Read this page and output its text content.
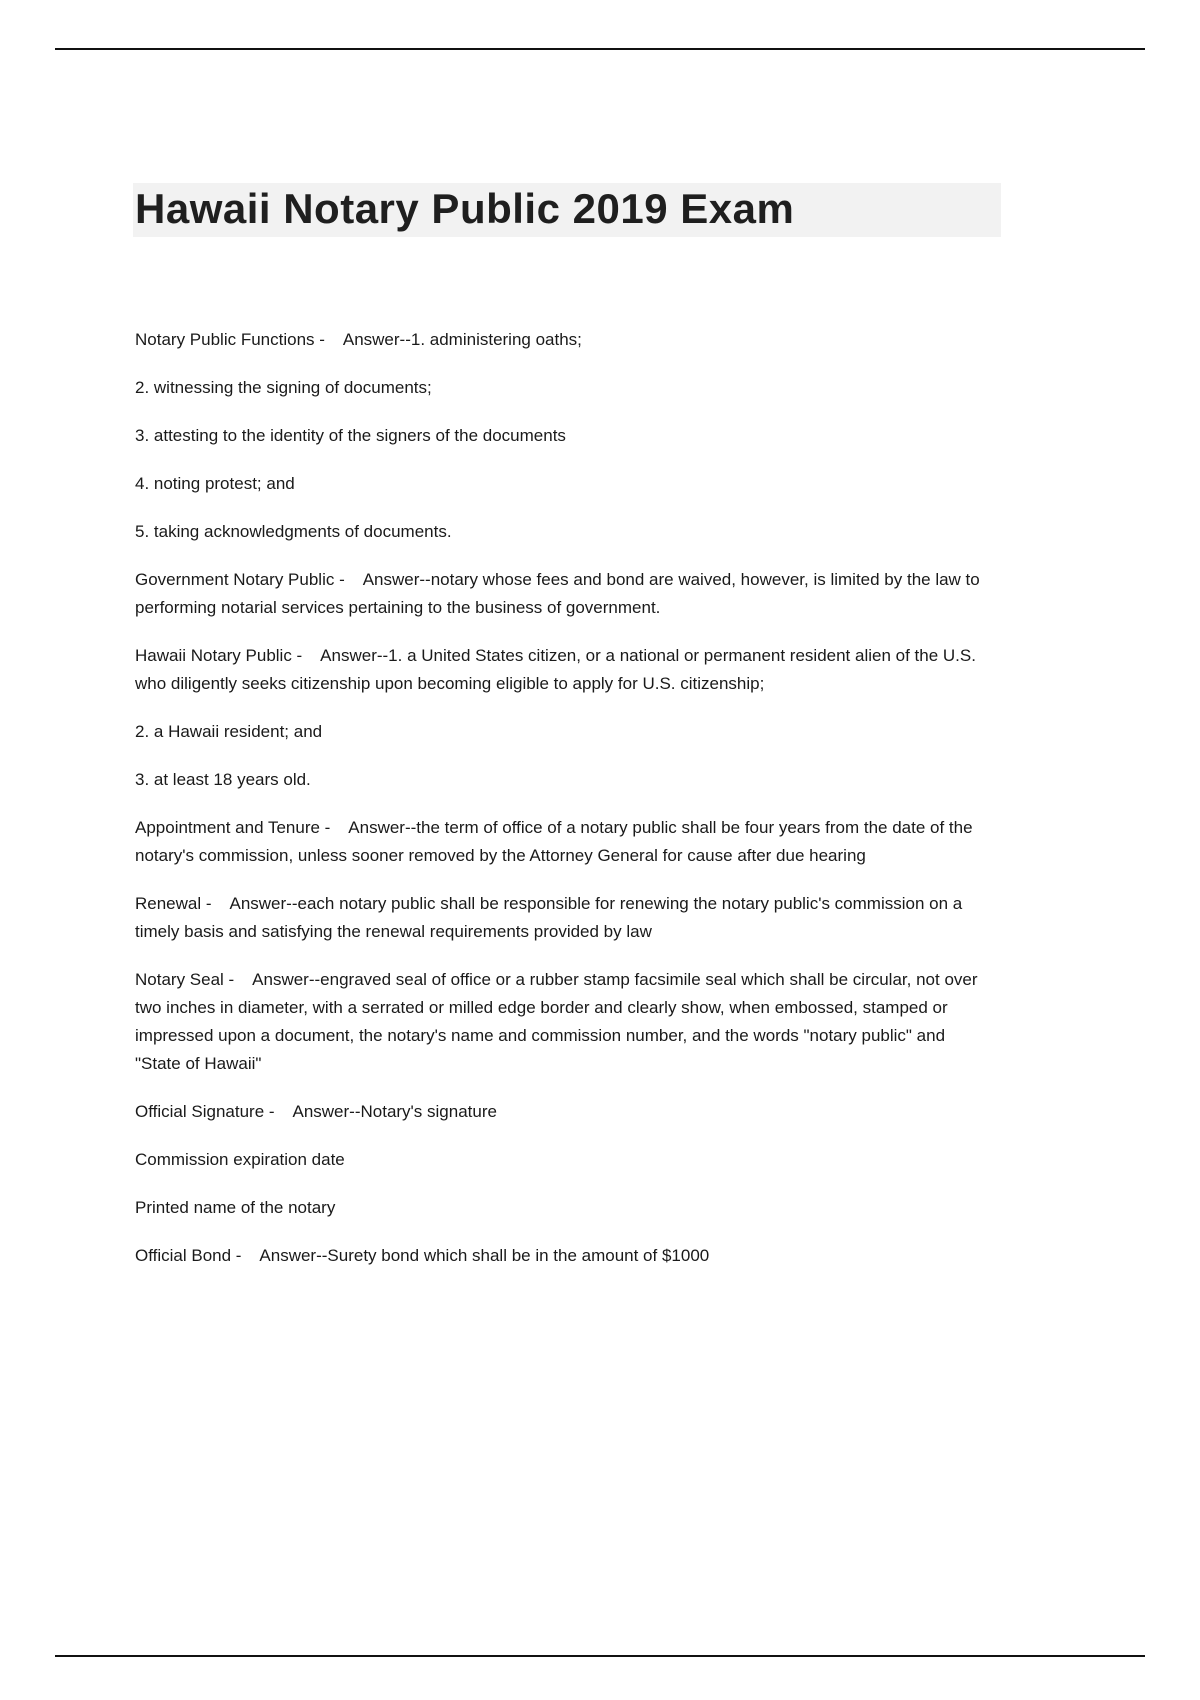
Hawaii Notary Public 2019 Exam

Notary Public Functions -    Answer--1. administering oaths;

2. witnessing the signing of documents;

3. attesting to the identity of the signers of the documents

4. noting protest; and

5. taking acknowledgments of documents.

Government Notary Public -    Answer--notary whose fees and bond are waived, however, is limited by the law to performing notarial services pertaining to the business of government.

Hawaii Notary Public -    Answer--1. a United States citizen, or a national or permanent resident alien of the U.S. who diligently seeks citizenship upon becoming eligible to apply for U.S. citizenship;

2. a Hawaii resident; and

3. at least 18 years old.

Appointment and Tenure -    Answer--the term of office of a notary public shall be four years from the date of the notary's commission, unless sooner removed by the Attorney General for cause after due hearing

Renewal -    Answer--each notary public shall be responsible for renewing the notary public's commission on a timely basis and satisfying the renewal requirements provided by law

Notary Seal -    Answer--engraved seal of office or a rubber stamp facsimile seal which shall be circular, not over two inches in diameter, with a serrated or milled edge border and clearly show, when embossed, stamped or impressed upon a document, the notary's name and commission number, and the words "notary public" and "State of Hawaii"

Official Signature -    Answer--Notary's signature

Commission expiration date

Printed name of the notary

Official Bond -    Answer--Surety bond which shall be in the amount of $1000
